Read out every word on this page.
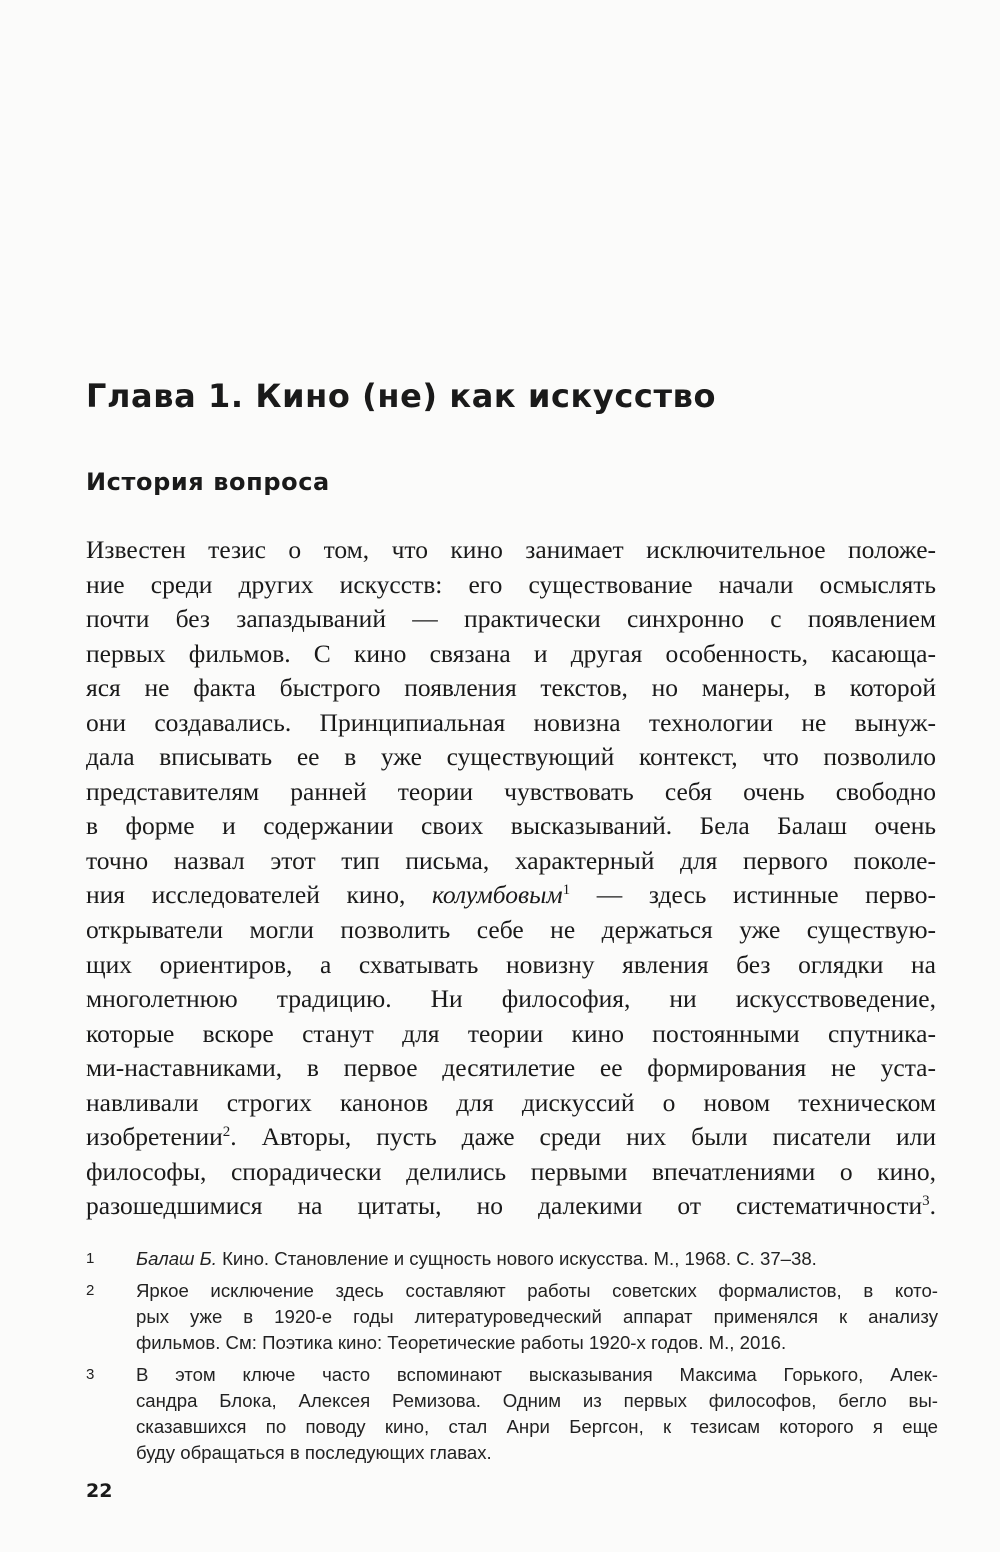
Глава 1. Кино (не) как искусство
История вопроса
Известен тезис о том, что кино занимает исключительное положе-
ние среди других искусств: его существование начали осмыслять
почти без запаздываний — практически синхронно с появлением
первых фильмов. С кино связана и другая особенность, касающа-
яся не факта быстрого появления текстов, но манеры, в которой
они создавались. Принципиальная новизна технологии не вынуж-
дала вписывать ее в уже существующий контекст, что позволило
представителям ранней теории чувствовать себя очень свободно
в форме и содержании своих высказываний. Бела Балаш очень
точно назвал этот тип письма, характерный для первого поколе-
ния исследователей кино, колумбовым$^1$ — здесь истинные перво-
открыватели могли позволить себе не держаться уже существую-
щих ориентиров, а схватывать новизну явления без оглядки на
многолетнюю традицию. Ни философия, ни искусствоведение,
которые вскоре станут для теории кино постоянными спутника-
ми-наставниками, в первое десятилетие ее формирования не уста-
навливали строгих канонов для дискуссий о новом техническом
изобретении$^2$. Авторы, пусть даже среди них были писатели или
философы, спорадически делились первыми впечатлениями о кино,
разошедшимися на цитаты, но далекими от систематичности$^3$.
1 Балаш Б. Кино. Становление и сущность нового искусства. М., 1968. С. 37–38.
2 Яркое исключение здесь составляют работы советских формалистов, в кото-
рых уже в 1920-е годы литературоведческий аппарат применялся к анализу
фильмов. См: Поэтика кино: Теоретические работы 1920-х годов. М., 2016.
3 В этом ключе часто вспоминают высказывания Максима Горького, Алек-
сандра Блока, Алексея Ремизова. Одним из первых философов, бегло вы-
сказавшихся по поводу кино, стал Анри Бергсон, к тезисам которого я еще
буду обращаться в последующих главах.
22
